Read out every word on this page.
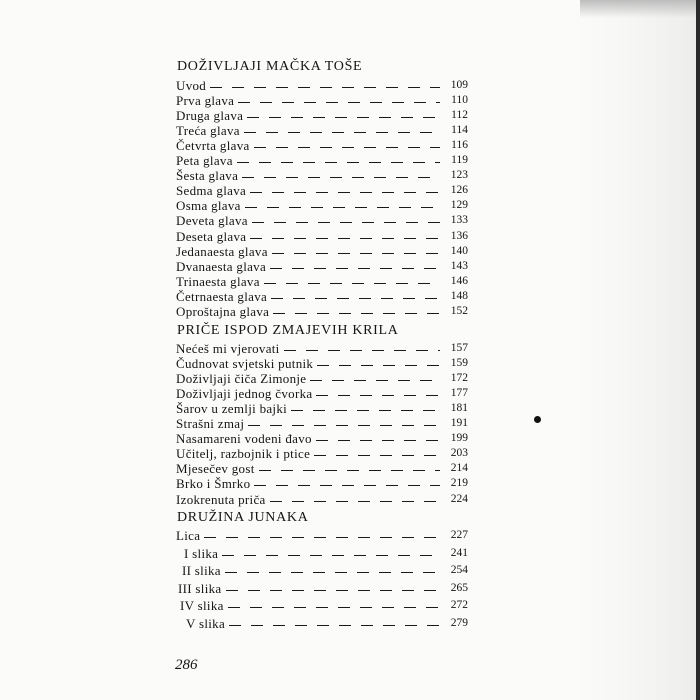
DOŽIVLJAJI MAČKA TOŠE
Uvod	109
Prva glava	110
Druga glava	112
Treća glava	114
Četvrta glava	116
Peta glava	119
Šesta glava	123
Sedma glava	126
Osma glava	129
Deveta glava	133
Deseta glava	136
Jedanaesta glava	140
Dvanaesta glava	143
Trinaesta glava	146
Četrnaesta glava	148
Oproštajna glava	152
PRIČE ISPOD ZMAJEVIH KRILA
Nećeš mi vjerovati	157
Čudnovat svjetski putnik	159
Doživljaji čiča Zimonje	172
Doživljaji jednog čvorka	177
Šarov u zemlji bajki	181
Strašni zmaj	191
Nasamareni vodeni đavo	199
Učitelj, razbojnik i ptice	203
Mjesečev gost	214
Brko i Šmrko	219
Izokrenuta priča	224
DRUŽINA JUNAKA
Lica	227
I slika	241
II slika	254
III slika	265
IV slika	272
V slika	279
286
